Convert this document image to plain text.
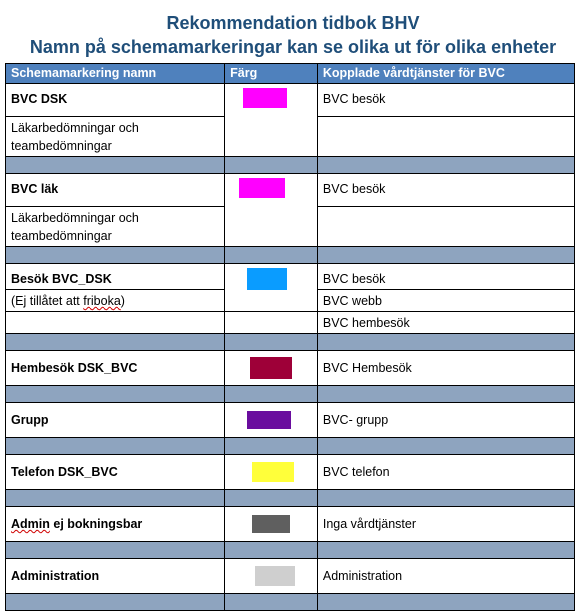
Rekommendation tidbok BHV
Namn på schemamarkeringar kan se olika ut för olika enheter
Schemamarkering namn	Färg	Kopplade vårdtjänster för BVC
BVC DSK		BVC besök
Läkarbedömningar och teambedömningar		

BVC läk		BVC besök
Läkarbedömningar och teambedömningar		

Besök BVC_DSK		BVC besök
(Ej tillåtet att friboka)		BVC webb
		BVC hembesök

Hembesök DSK_BVC		BVC Hembesök

Grupp		BVC- grupp

Telefon DSK_BVC		BVC telefon

Admin ej bokningsbar		Inga vårdtjänster

Administration		Administration
